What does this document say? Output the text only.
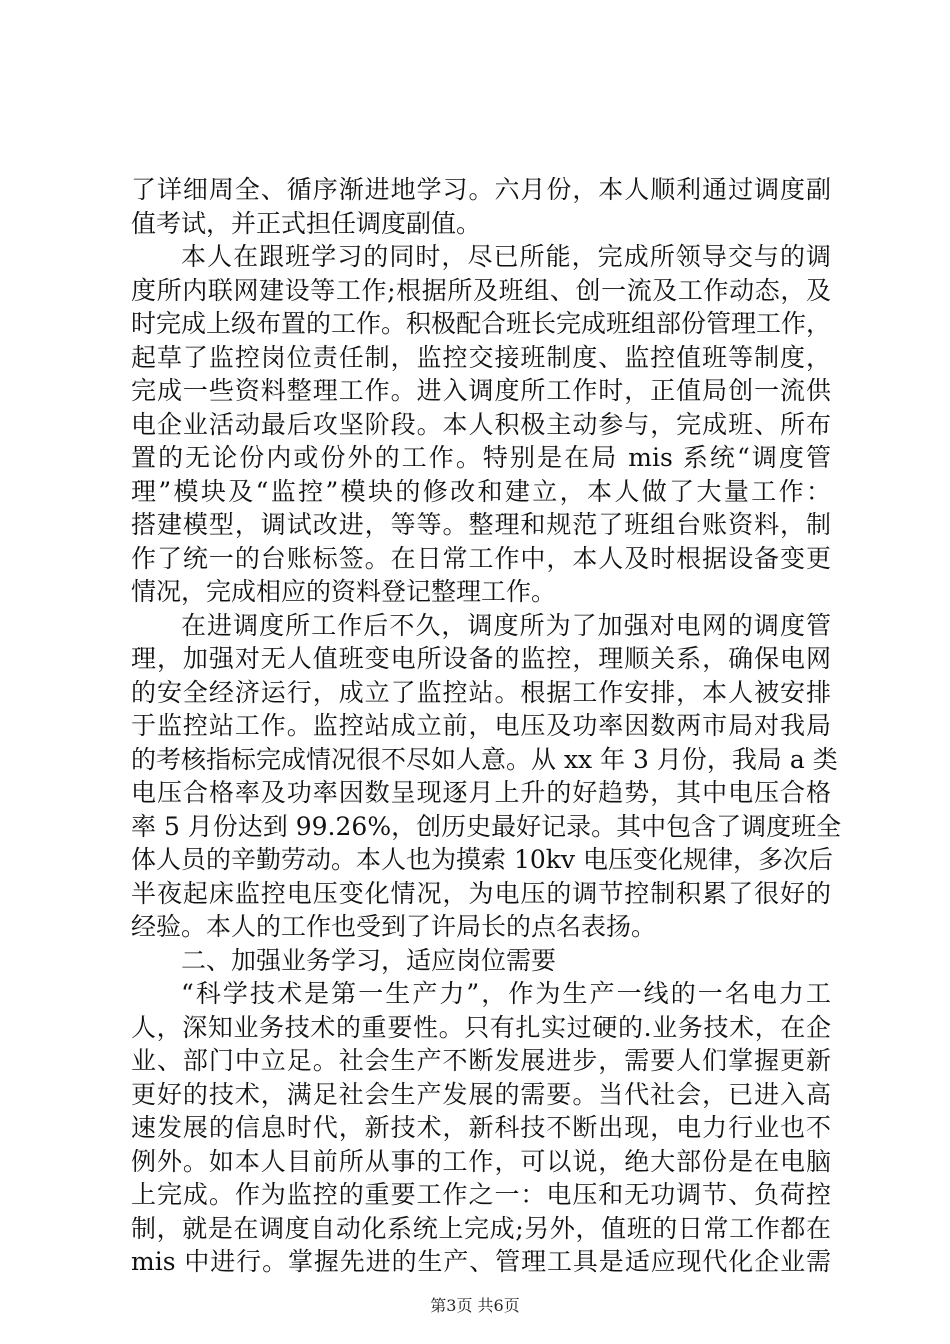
了详细周全、循序渐进地学习。六月份，本人顺利通过调度副
值考试，并正式担任调度副值。
本人在跟班学习的同时，尽已所能，完成所领导交与的调
度所内联网建设等工作;根据所及班组、创一流及工作动态，及
时完成上级布置的工作。积极配合班长完成班组部份管理工作，
起草了监控岗位责任制，监控交接班制度、监控值班等制度，
完成一些资料整理工作。进入调度所工作时，正值局创一流供
电企业活动最后攻坚阶段。本人积极主动参与，完成班、所布
置的无论份内或份外的工作。特别是在局 mis 系统“调度管
理”模块及“监控”模块的修改和建立，本人做了大量工作：
搭建模型，调试改进，等等。整理和规范了班组台账资料，制
作了统一的台账标签。在日常工作中，本人及时根据设备变更
情况，完成相应的资料登记整理工作。
在进调度所工作后不久，调度所为了加强对电网的调度管
理，加强对无人值班变电所设备的监控，理顺关系，确保电网
的安全经济运行，成立了监控站。根据工作安排，本人被安排
于监控站工作。监控站成立前，电压及功率因数两市局对我局
的考核指标完成情况很不尽如人意。从 xx 年 3 月份，我局 a 类
电压合格率及功率因数呈现逐月上升的好趋势，其中电压合格
率 5 月份达到 99.26%，创历史最好记录。其中包含了调度班全
体人员的辛勤劳动。本人也为摸索 10kv 电压变化规律，多次后
半夜起床监控电压变化情况，为电压的调节控制积累了很好的
经验。本人的工作也受到了许局长的点名表扬。
二、加强业务学习，适应岗位需要
“科学技术是第一生产力”，作为生产一线的一名电力工
人，深知业务技术的重要性。只有扎实过硬的.业务技术，在企
业、部门中立足。社会生产不断发展进步，需要人们掌握更新
更好的技术，满足社会生产发展的需要。当代社会，已进入高
速发展的信息时代，新技术，新科技不断出现，电力行业也不
例外。如本人目前所从事的工作，可以说，绝大部份是在电脑
上完成。作为监控的重要工作之一：电压和无功调节、负荷控
制，就是在调度自动化系统上完成;另外，值班的日常工作都在
mis 中进行。掌握先进的生产、管理工具是适应现代化企业需
第3页 共6页
